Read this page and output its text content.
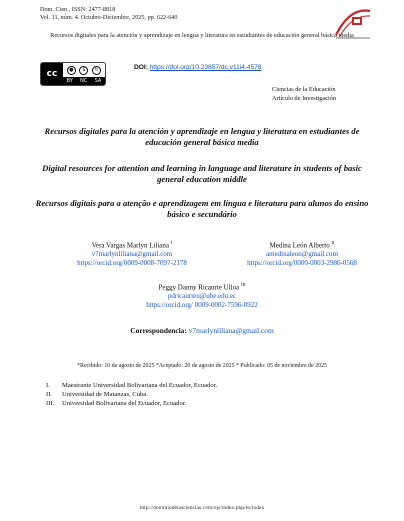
Dom. Cien., ISSN: 2477-8818
Vol. 11, núm. 4. Octubre-Diciembre, 2025, pp. 622-640
Recursos digitales para la atención y aprendizaje en lengua y literatura en estudiantes de educación general básica media
cc	●	$	↻
BY NC SA
DOI: https://doi.org/10.23857/dc.v11i4.4578
Ciencias de la Educación
Artículo de Investigación
Recursos digitales para la atención y aprendizaje en lengua y literatura en estudiantes de educación general básica media
Digital resources for attention and learning in language and literature in students of basic general education middle
Recursos digitais para a atenção e aprendizagem em língua e literatura para alunos do ensino básico e secundário
Vera Vargas Marlyn Liliana $^I$
v7marlynliliana@gmail.com
https://orcid.org/0009-0008-7097-2178
Medina León Alberto $^{II}$
amedinaleon@gmail.com
https://orcid.org/0000-0003-2986-0568
Peggy Danny Ricaurte Ulloa $^{III}$
pdricaurteu@ube.edu.ec
https://orcid.org/ 0009-0002-7596-0922
Correspondencia: v7marlynliliana@gmail.com
*Recibido: 10 de agosto de 2025 *Aceptado: 20 de agosto de 2025 * Publicado: 05 de noviembre de 2025
I.	Maestrante Universidad Bolivariana del Ecuador, Ecuador.
II.	Universidad de Matanzas, Cuba.
III.	Universidad Bolivariana del Ecuador, Ecuador.
http://dominiodelasciencias.com/ojs/index.php/es/index
